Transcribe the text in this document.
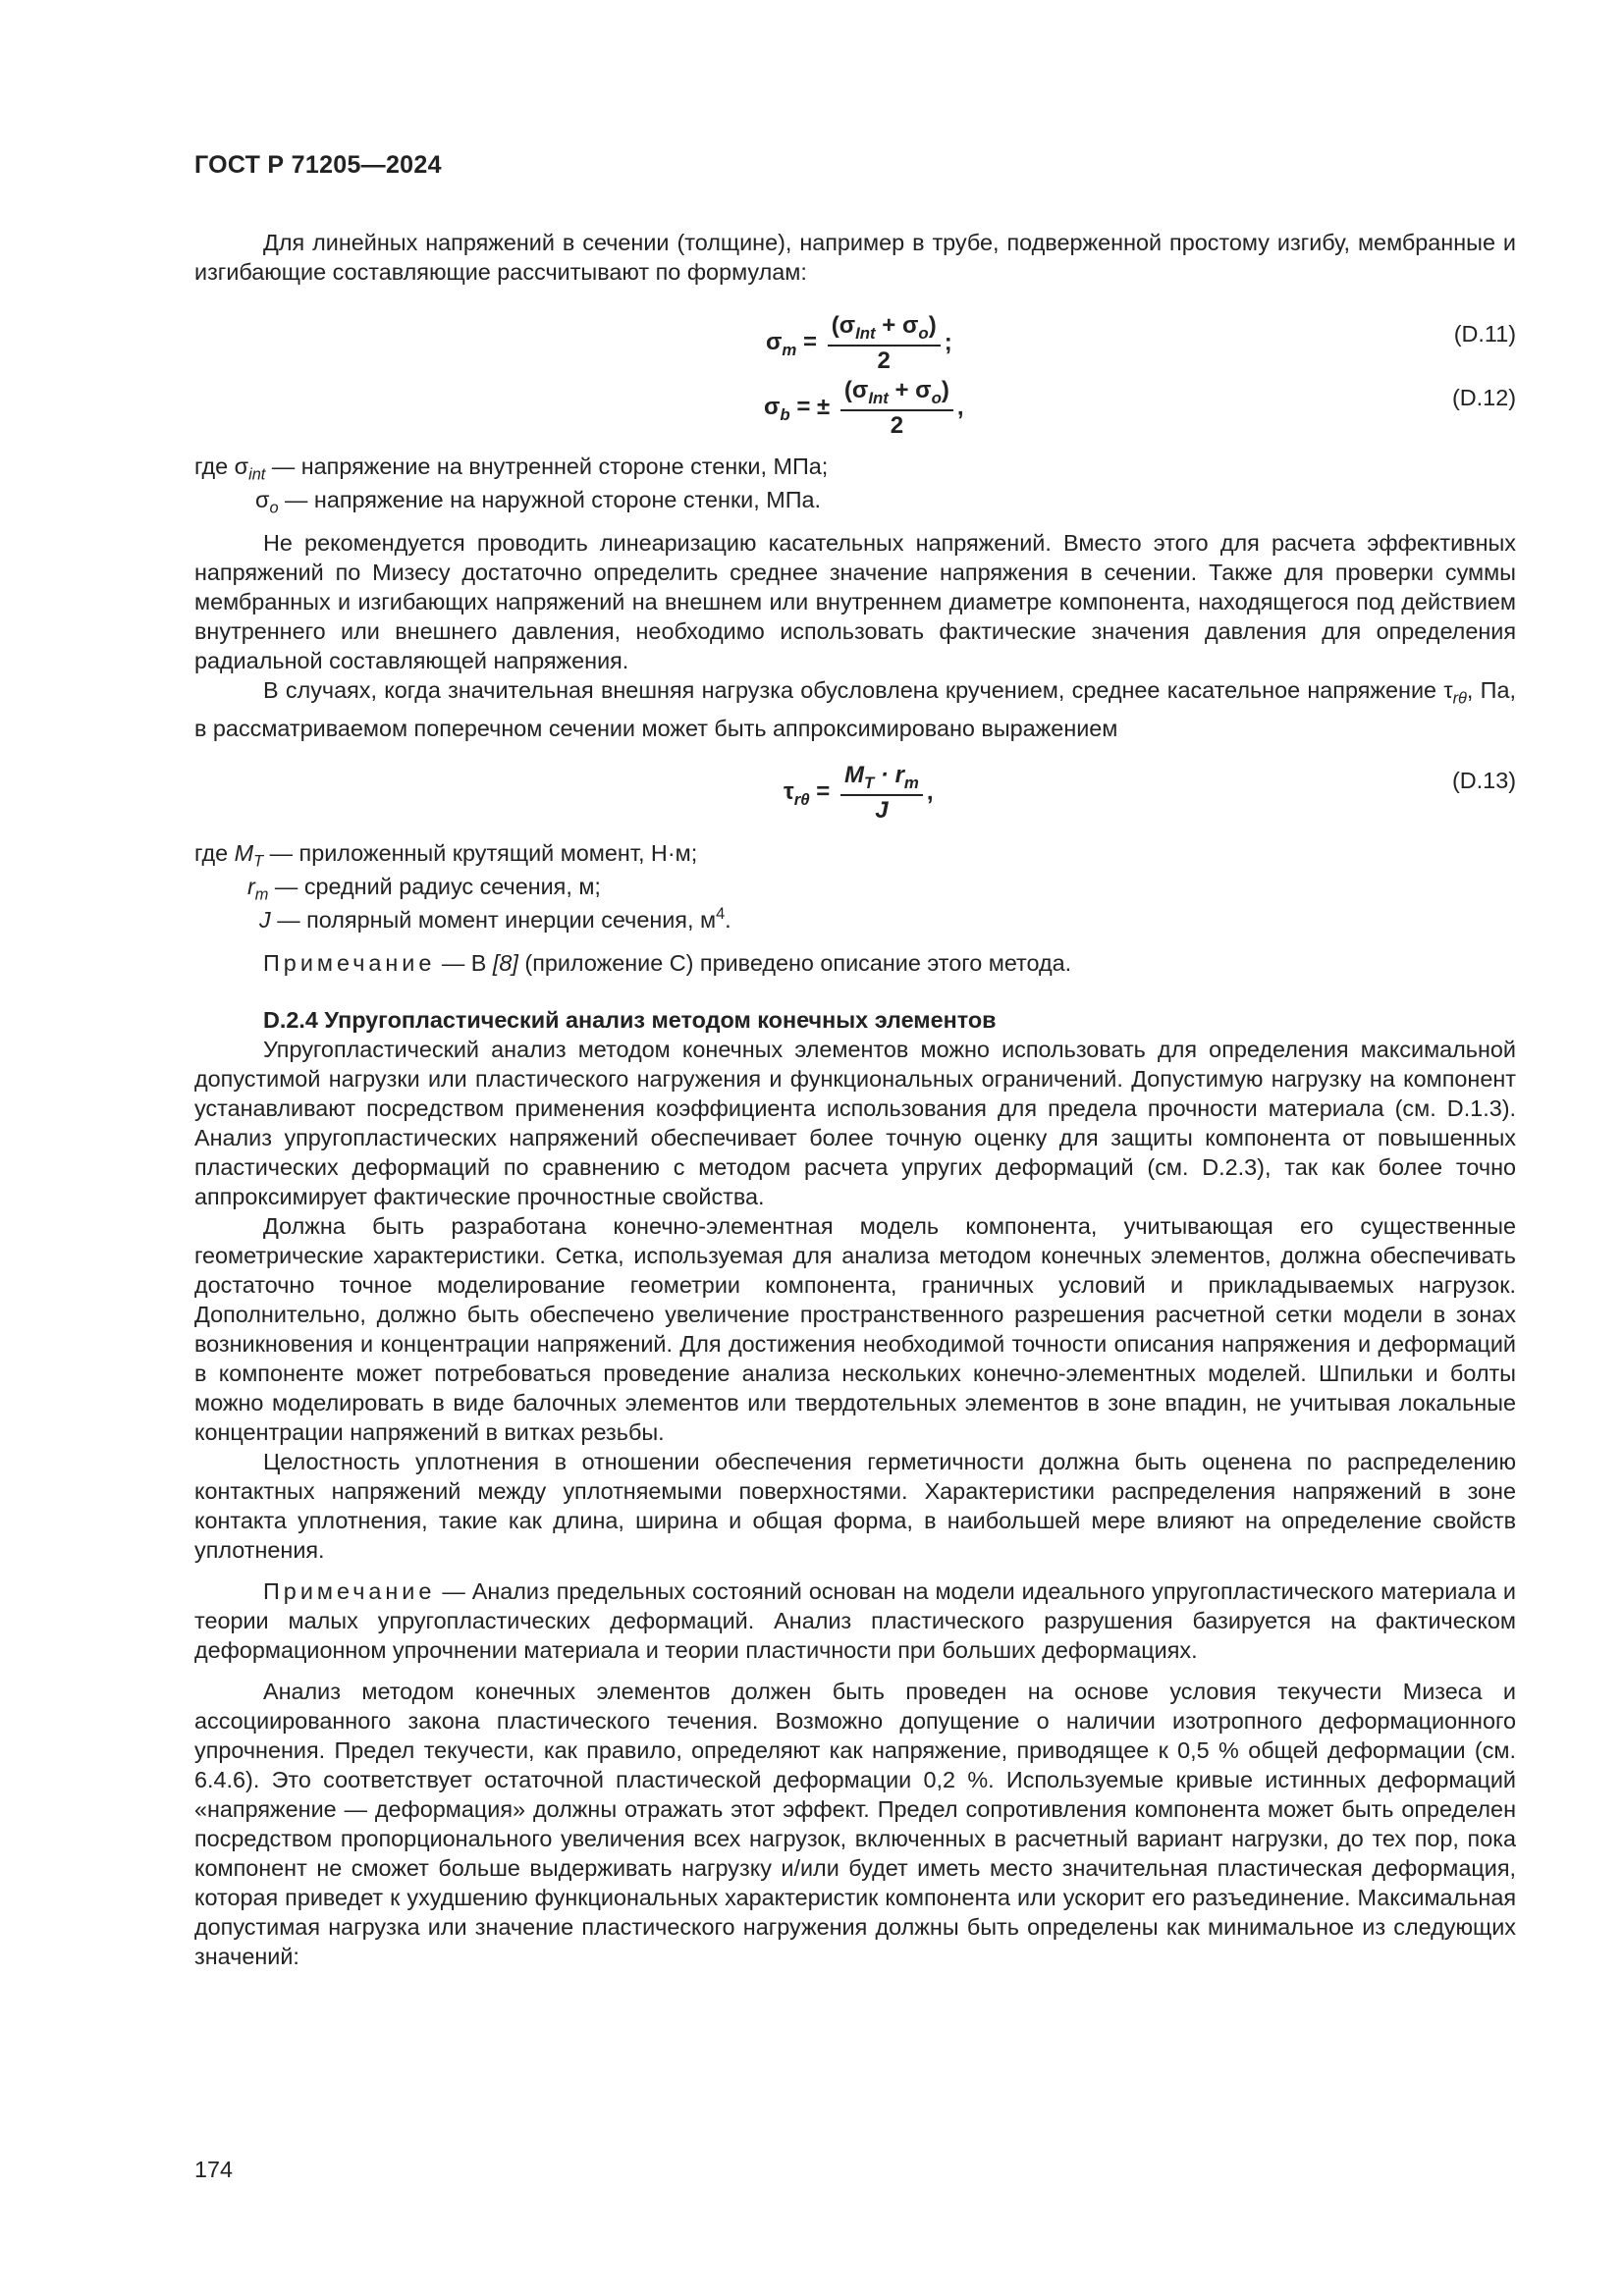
ГОСТ Р 71205—2024

Для линейных напряжений в сечении (толщине), например в трубе, подверженной простому изгибу, мембранные и изгибающие составляющие рассчитывают по формулам:

$\sigma_m = \frac{(\sigma_{Int} + \sigma_o)}{2}$ ;	(D.11)
$\sigma_b$ = ± $\frac{(\sigma_{Int} + \sigma_o)}{2}$ ,	(D.12)
где $\sigma_{int}$ — напряжение на внутренней стороне стенки, МПа;
$\sigma_o$ — напряжение на наружной стороне стенки, МПа.

Не рекомендуется проводить линеаризацию касательных напряжений. Вместо этого для расчета эффективных напряжений по Мизесу достаточно определить среднее значение напряжения в сечении. Также для проверки суммы мембранных и изгибающих напряжений на внешнем или внутреннем диаметре компонента, находящегося под действием внутреннего или внешнего давления, необходимо использовать фактические значения давления для определения радиальной составляющей напряжения.

В случаях, когда значительная внешняя нагрузка обусловлена кручением, среднее касательное напряжение $\tau_{r\theta}$, Па, в рассматриваемом поперечном сечении может быть аппроксимировано выражением

$\tau_{r\theta} = \frac{M_T \cdot r_m}{J}$ ,	(D.13)
где $M_T$ — приложенный крутящий момент, Н·м;
$r_m$ — средний радиус сечения, м;
J — полярный момент инерции сечения, $м^4$.
Примечание — В [8] (приложение С) приведено описание этого метода.

D.2.4 Упругопластический анализ методом конечных элементов

Упругопластический анализ методом конечных элементов можно использовать для определения максимальной допустимой нагрузки или пластического нагружения и функциональных ограничений. Допустимую нагрузку на компонент устанавливают посредством применения коэффициента использования для предела прочности материала (см. D.1.3). Анализ упругопластических напряжений обеспечивает более точную оценку для защиты компонента от повышенных пластических деформаций по сравнению с методом расчета упругих деформаций (см. D.2.3), так как более точно аппроксимирует фактические прочностные свойства.

Должна быть разработана конечно-элементная модель компонента, учитывающая его существенные геометрические характеристики. Сетка, используемая для анализа методом конечных элементов, должна обеспечивать достаточно точное моделирование геометрии компонента, граничных условий и прикладываемых нагрузок. Дополнительно, должно быть обеспечено увеличение пространственного разрешения расчетной сетки модели в зонах возникновения и концентрации напряжений. Для достижения необходимой точности описания напряжения и деформаций в компоненте может потребоваться проведение анализа нескольких конечно-элементных моделей. Шпильки и болты можно моделировать в виде балочных элементов или твердотельных элементов в зоне впадин, не учитывая локальные концентрации напряжений в витках резьбы.

Целостность уплотнения в отношении обеспечения герметичности должна быть оценена по распределению контактных напряжений между уплотняемыми поверхностями. Характеристики распределения напряжений в зоне контакта уплотнения, такие как длина, ширина и общая форма, в наибольшей мере влияют на определение свойств уплотнения.

Примечание — Анализ предельных состояний основан на модели идеального упругопластического материала и теории малых упругопластических деформаций. Анализ пластического разрушения базируется на фактическом деформационном упрочнении материала и теории пластичности при больших деформациях.

Анализ методом конечных элементов должен быть проведен на основе условия текучести Мизеса и ассоциированного закона пластического течения. Возможно допущение о наличии изотропного деформационного упрочнения. Предел текучести, как правило, определяют как напряжение, приводящее к 0,5 % общей деформации (см. 6.4.6). Это соответствует остаточной пластической деформации 0,2 %. Используемые кривые истинных деформаций «напряжение — деформация» должны отражать этот эффект. Предел сопротивления компонента может быть определен посредством пропорционального увеличения всех нагрузок, включенных в расчетный вариант нагрузки, до тех пор, пока компонент не сможет больше выдерживать нагрузку и/или будет иметь место значительная пластическая деформация, которая приведет к ухудшению функциональных характеристик компонента или ускорит его разъединение. Максимальная допустимая нагрузка или значение пластического нагружения должны быть определены как минимальное из следующих значений:

174
